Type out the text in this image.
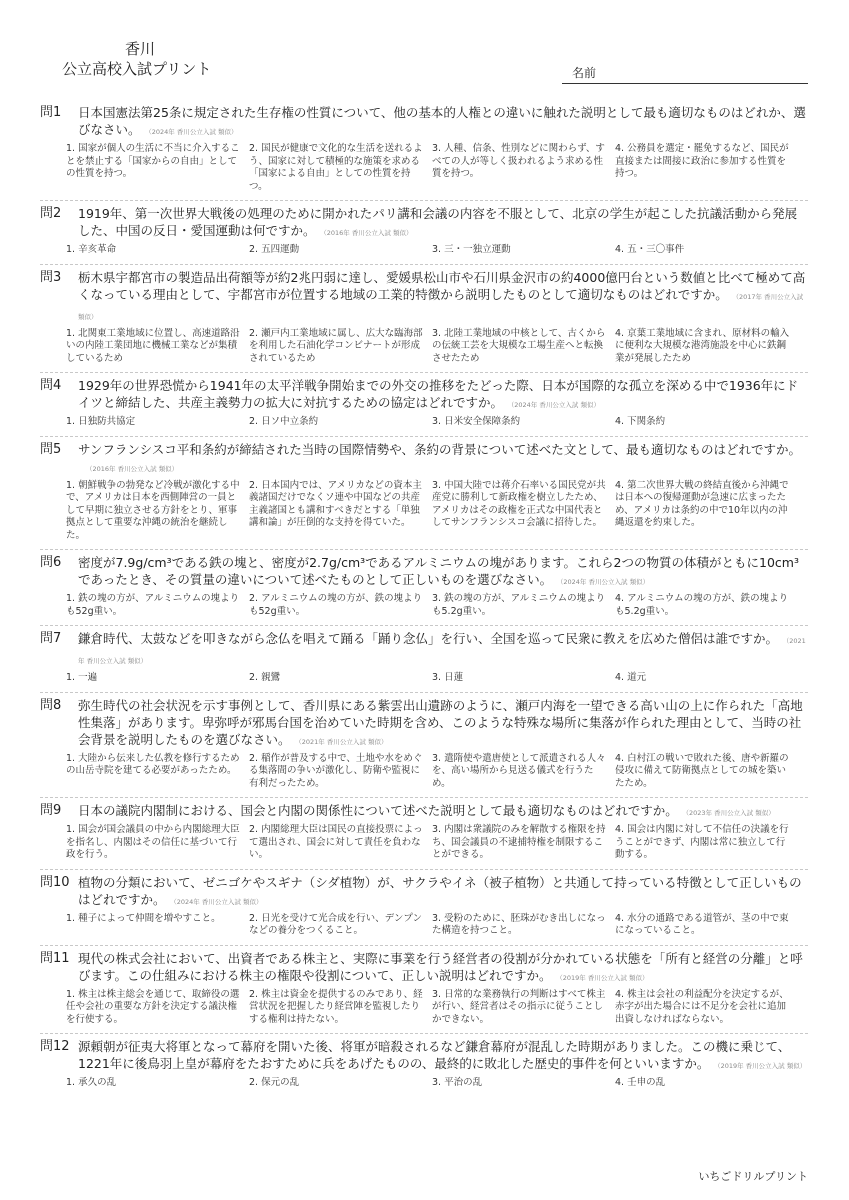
香川
公立高校入試プリント	名前
問1	日本国憲法第25条に規定された生存権の性質について、他の基本的人権との違いに触れた説明として最も適切なものはどれか、選びなさい。 （2024年 香川公立入試 類似）
1. 国家が個人の生活に不当に介入することを禁止する「国家からの自由」としての性質を持つ。
2. 国民が健康で文化的な生活を送れるよう、国家に対して積極的な施策を求める「国家による自由」としての性質を持つ。
3. 人種、信条、性別などに関わらず、すべての人が等しく扱われるよう求める性質を持つ。
4. 公務員を選定・罷免するなど、国民が直接または間接に政治に参加する性質を持つ。
問2	1919年、第一次世界大戦後の処理のために開かれたパリ講和会議の内容を不服として、北京の学生が起こした抗議活動から発展した、中国の反日・愛国運動は何ですか。 （2016年 香川公立入試 類似）
1. 辛亥革命	2. 五四運動	3. 三・一独立運動	4. 五・三〇事件
問3	栃木県宇都宮市の製造品出荷額等が約2兆円弱に達し、愛媛県松山市や石川県金沢市の約4000億円台という数値と比べて極めて高くなっている理由として、宇都宮市が位置する地域の工業的特徴から説明したものとして適切なものはどれですか。 （2017年 香川公立入試 類似）
1. 北関東工業地域に位置し、高速道路沿いの内陸工業団地に機械工業などが集積しているため
2. 瀬戸内工業地域に属し、広大な臨海部を利用した石油化学コンビナートが形成されているため
3. 北陸工業地域の中核として、古くからの伝統工芸を大規模な工場生産へと転換させたため
4. 京葉工業地域に含まれ、原材料の輸入に便利な大規模な港湾施設を中心に鉄鋼業が発展したため
問4	1929年の世界恐慌から1941年の太平洋戦争開始までの外交の推移をたどった際、日本が国際的な孤立を深める中で1936年にドイツと締結した、共産主義勢力の拡大に対抗するための協定はどれですか。 （2024年 香川公立入試 類似）
1. 日独防共協定	2. 日ソ中立条約	3. 日米安全保障条約	4. 下関条約
問5	サンフランシスコ平和条約が締結された当時の国際情勢や、条約の背景について述べた文として、最も適切なものはどれですか。（2016年 香川公立入試 類似）
1. 朝鮮戦争の勃発など冷戦が激化する中で、アメリカは日本を西側陣営の一員として早期に独立させる方針をとり、軍事拠点として重要な沖縄の統治を継続した。
2. 日本国内では、アメリカなどの資本主義諸国だけでなくソ連や中国などの共産主義諸国とも講和すべきだとする「単独講和論」が圧倒的な支持を得ていた。
3. 中国大陸では蒋介石率いる国民党が共産党に勝利して新政権を樹立したため、アメリカはその政権を正式な中国代表としてサンフランシスコ会議に招待した。
4. 第二次世界大戦の終結直後から沖縄では日本への復帰運動が急速に広まったため、アメリカは条約の中で10年以内の沖縄返還を約束した。
問6	密度が7.9g/cm³である鉄の塊と、密度が2.7g/cm³であるアルミニウムの塊があります。これら2つの物質の体積がともに10cm³であったとき、その質量の違いについて述べたものとして正しいものを選びなさい。 （2024年 香川公立入試 類似）
1. 鉄の塊の方が、アルミニウムの塊よりも52g重い。
2. アルミニウムの塊の方が、鉄の塊よりも52g重い。
3. 鉄の塊の方が、アルミニウムの塊よりも5.2g重い。
4. アルミニウムの塊の方が、鉄の塊よりも5.2g重い。
問7	鎌倉時代、太鼓などを叩きながら念仏を唱えて踊る「踊り念仏」を行い、全国を巡って民衆に教えを広めた僧侶は誰ですか。 （2021年 香川公立入試 類似）
1. 一遍	2. 親鸞	3. 日蓮	4. 道元
問8	弥生時代の社会状況を示す事例として、香川県にある紫雲出山遺跡のように、瀬戸内海を一望できる高い山の上に作られた「高地性集落」があります。卑弥呼が邪馬台国を治めていた時期を含め、このような特殊な場所に集落が作られた理由として、当時の社会背景を説明したものを選びなさい。 （2021年 香川公立入試 類似）
1. 大陸から伝来した仏教を修行するための山岳寺院を建てる必要があったため。
2. 稲作が普及する中で、土地や水をめぐる集落間の争いが激化し、防衛や監視に有利だったため。
3. 遣隋使や遣唐使として派遣される人々を、高い場所から見送る儀式を行うため。
4. 白村江の戦いで敗れた後、唐や新羅の侵攻に備えて防衛拠点としての城を築いたため。
問9	日本の議院内閣制における、国会と内閣の関係性について述べた説明として最も適切なものはどれですか。 （2023年 香川公立入試 類似）
1. 国会が国会議員の中から内閣総理大臣を指名し、内閣はその信任に基づいて行政を行う。
2. 内閣総理大臣は国民の直接投票によって選出され、国会に対して責任を負わない。
3. 内閣は衆議院のみを解散する権限を持ち、国会議員の不逮捕特権を制限することができる。
4. 国会は内閣に対して不信任の決議を行うことができず、内閣は常に独立して行動する。
問10 植物の分類において、ゼニゴケやスギナ（シダ植物）が、サクラやイネ（被子植物）と共通して持っている特徴として正しいものはどれですか。 （2024年 香川公立入試 類似）
1. 種子によって仲間を増やすこと。	2. 日光を受けて光合成を行い、デンプンなどの養分をつくること。
3. 受粉のために、胚珠がむき出しになった構造を持つこと。
4. 水分の通路である道管が、茎の中で束になっていること。
問11 現代の株式会社において、出資者である株主と、実際に事業を行う経営者の役割が分かれている状態を「所有と経営の分離」と呼びます。この仕組みにおける株主の権限や役割について、正しい説明はどれですか。 （2019年 香川公立入試 類似）
1. 株主は株主総会を通じて、取締役の選任や会社の重要な方針を決定する議決権を行使する。
2. 株主は資金を提供するのみであり、経営状況を把握したり経営陣を監視したりする権利は持たない。
3. 日常的な業務執行の判断はすべて株主が行い、経営者はその指示に従うことしかできない。
4. 株主は会社の利益配分を決定するが、赤字が出た場合には不足分を会社に追加出資しなければならない。
問12 源頼朝が征夷大将軍となって幕府を開いた後、将軍が暗殺されるなど鎌倉幕府が混乱した時期がありました。この機に乗じて、1221年に後鳥羽上皇が幕府をたおすために兵をあげたものの、最終的に敗北した歴史的事件を何といいますか。 （2019年 香川公立入試 類似）
1. 承久の乱	2. 保元の乱	3. 平治の乱	4. 壬申の乱
いちごドリルプリント
